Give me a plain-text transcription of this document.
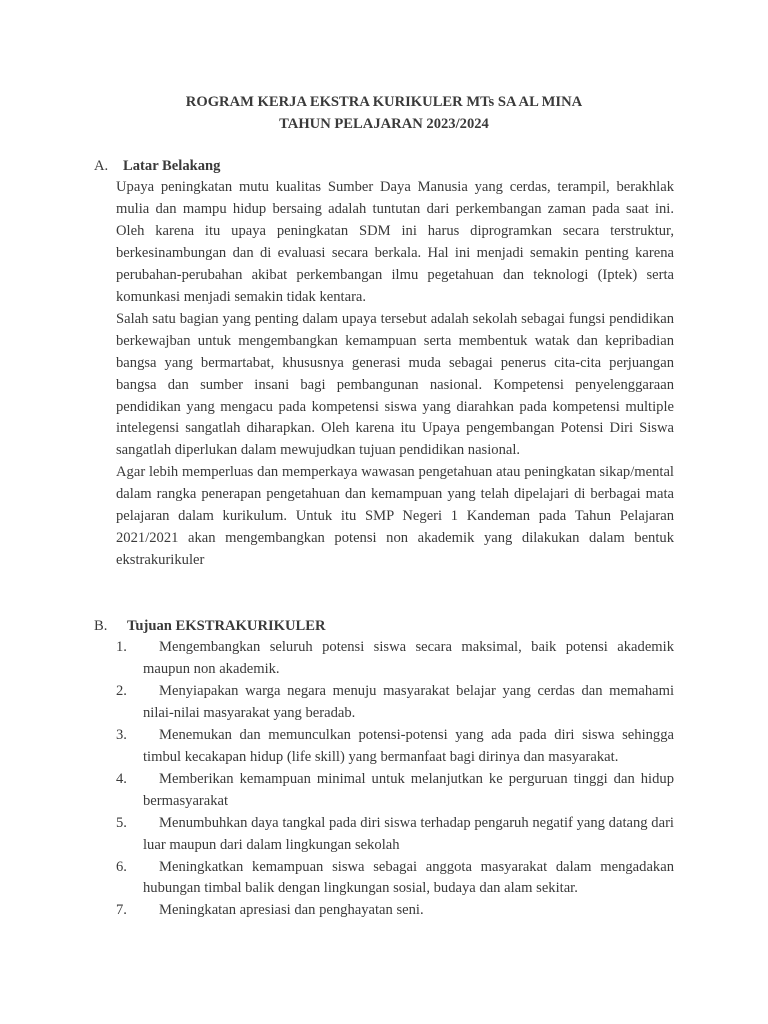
ROGRAM KERJA EKSTRA KURIKULER MTs SA AL MINA
TAHUN PELAJARAN 2023/2024
A. Latar Belakang

Upaya peningkatan mutu kualitas Sumber Daya Manusia yang cerdas, terampil, berakhlak mulia dan mampu hidup bersaing adalah tuntutan dari perkembangan zaman pada saat ini. Oleh karena itu upaya peningkatan SDM ini harus diprogramkan secara terstruktur, berkesinambungan dan di evaluasi secara berkala. Hal ini menjadi semakin penting karena perubahan-perubahan akibat perkembangan ilmu pegetahuan dan teknologi (Iptek) serta komunkasi menjadi semakin tidak kentara.

Salah satu bagian yang penting dalam upaya tersebut adalah sekolah sebagai fungsi pendidikan berkewajban untuk mengembangkan kemampuan serta membentuk watak dan kepribadian bangsa yang bermartabat, khususnya generasi muda sebagai penerus cita-cita perjuangan bangsa dan sumber insani bagi pembangunan nasional. Kompetensi penyelenggaraan pendidikan yang mengacu pada kompetensi siswa yang diarahkan pada kompetensi multiple intelegensi sangatlah diharapkan. Oleh karena itu Upaya pengembangan Potensi Diri Siswa sangatlah diperlukan dalam mewujudkan tujuan pendidikan nasional.

Agar lebih memperluas dan memperkaya wawasan pengetahuan atau peningkatan sikap/mental dalam rangka penerapan pengetahuan dan kemampuan yang telah dipelajari di berbagai mata pelajaran dalam kurikulum. Untuk itu SMP Negeri 1 Kandeman pada Tahun Pelajaran 2021/2021 akan mengembangkan potensi non akademik yang dilakukan dalam bentuk ekstrakurikuler

B. Tujuan EKSTRAKURIKULER
1.	Mengembangkan seluruh potensi siswa secara maksimal, baik potensi akademik maupun non akademik.
2.	Menyiapakan warga negara menuju masyarakat belajar yang cerdas dan memahami nilai-nilai masyarakat yang beradab.
3.	Menemukan dan memunculkan potensi-potensi yang ada pada diri siswa sehingga timbul kecakapan hidup (life skill) yang bermanfaat bagi dirinya dan masyarakat.
4.	Memberikan kemampuan minimal untuk melanjutkan ke perguruan tinggi dan hidup bermasyarakat
5.	Menumbuhkan daya tangkal pada diri siswa terhadap pengaruh negatif yang datang dari luar maupun dari dalam lingkungan sekolah
6.	Meningkatkan kemampuan siswa sebagai anggota masyarakat dalam mengadakan hubungan timbal balik dengan lingkungan sosial, budaya dan alam sekitar.
7.	Meningkatan apresiasi dan penghayatan seni.
